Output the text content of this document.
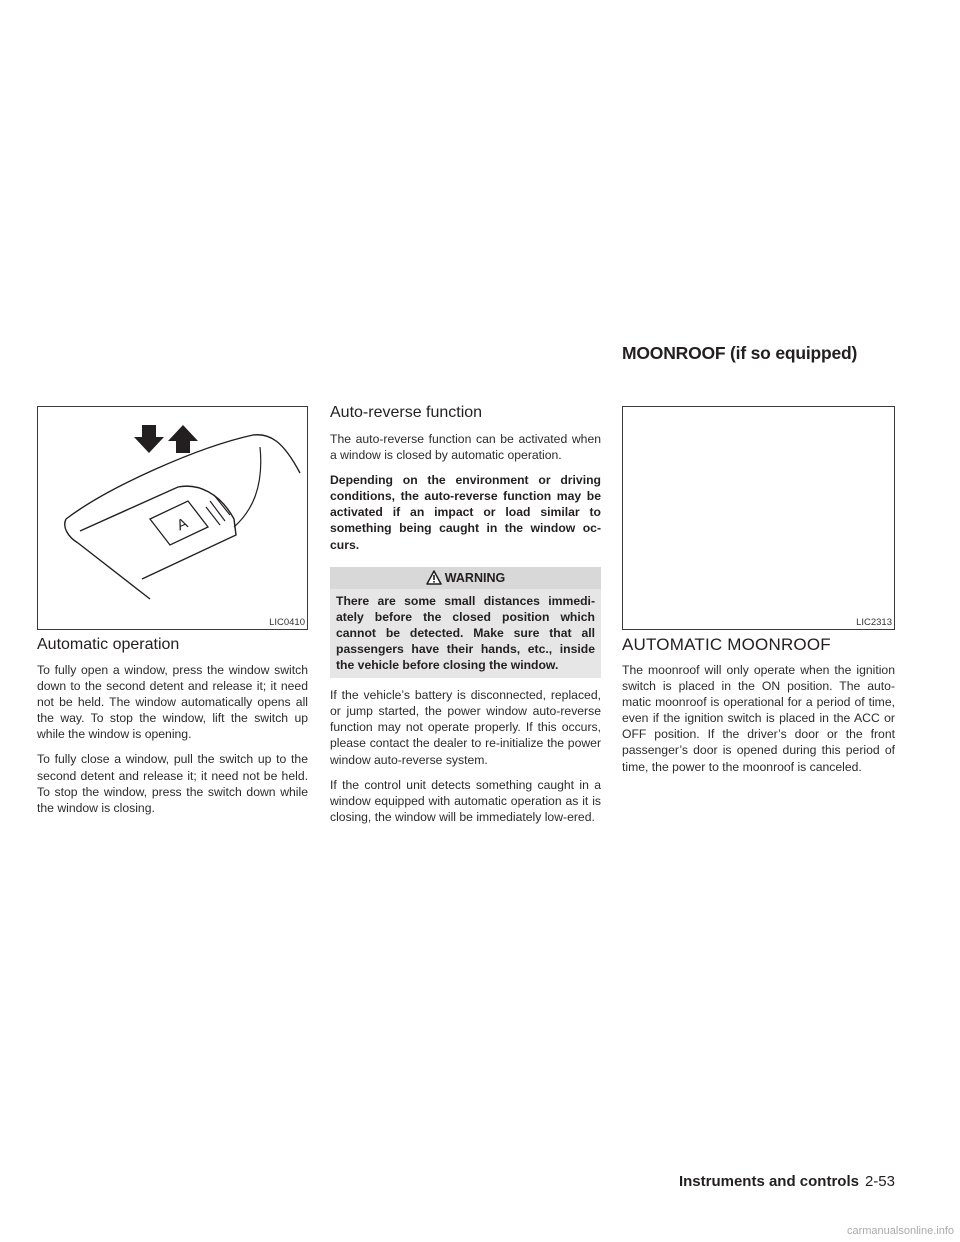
MOONROOF (if so equipped)
A
LIC0410
Automatic operation

To fully open a window, press the window switch down to the second detent and release it; it need not be held. The window automatically opens all the way. To stop the window, lift the switch up while the window is opening.

To fully close a window, pull the switch up to the second detent and release it; it need not be held. To stop the window, press the switch down while the window is closing.

Auto-reverse function

The auto-reverse function can be activated when a window is closed by automatic operation.

Depending on the environment or driving conditions, the auto-reverse function may be activated if an impact or load similar to something being caught in the window oc-curs.

WARNING
There are some small distances immedi-ately before the closed position which cannot be detected. Make sure that all passengers have their hands, etc., inside the vehicle before closing the window.

If the vehicle’s battery is disconnected, replaced, or jump started, the power window auto-reverse function may not operate properly. If this occurs, please contact the dealer to re-initialize the power window auto-reverse system.

If the control unit detects something caught in a window equipped with automatic operation as it is closing, the window will be immediately low-ered.

LIC2313
AUTOMATIC MOONROOF

The moonroof will only operate when the ignition switch is placed in the ON position. The auto-matic moonroof is operational for a period of time, even if the ignition switch is placed in the ACC or OFF position. If the driver’s door or the front passenger’s door is opened during this period of time, the power to the moonroof is canceled.

Instruments and controls 2-53
carmanualsonline.info
